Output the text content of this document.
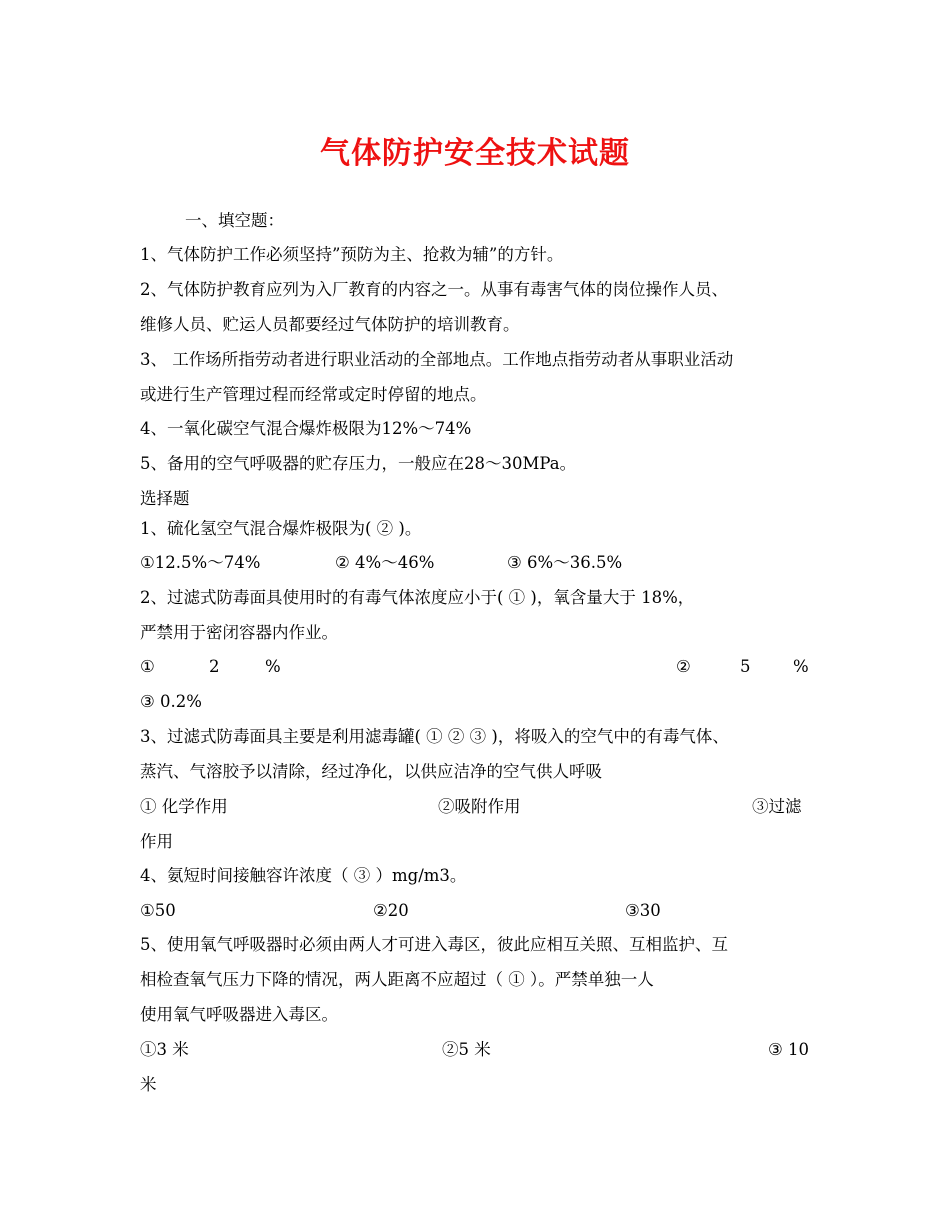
气体防护安全技术试题
一、填空题：
1、气体防护工作必须坚持”预防为主、抢救为辅”的方针。
2、气体防护教育应列为入厂教育的内容之一。从事有毒害气体的岗位操作人员、
维修人员、贮运人员都要经过气体防护的培训教育。
3、 工作场所指劳动者进行职业活动的全部地点。工作地点指劳动者从事职业活动
或进行生产管理过程而经常或定时停留的地点。
4、一氧化碳空气混合爆炸极限为12%～74%
5、备用的空气呼吸器的贮存压力，一般应在28～30MPa。
选择题
1、硫化氢空气混合爆炸极限为( ② )。
①12.5%～74%	② 4%～46%	③ 6%～36.5%
2、过滤式防毒面具使用时的有毒气体浓度应小于( ① )，氧含量大于 18%，
严禁用于密闭容器内作业。
①	2	%	②	5	%
③ 0.2%
3、过滤式防毒面具主要是利用滤毒罐( ① ② ③ )，将吸入的空气中的有毒气体、
蒸汽、气溶胶予以清除，经过净化，以供应洁净的空气供人呼吸
① 化学作用	②吸附作用	③过滤
作用
4、氨短时间接触容许浓度（ ③ ）mg/m3。
①50	②20	③30
5、使用氧气呼吸器时必须由两人才可进入毒区，彼此应相互关照、互相监护、互
相检查氧气压力下降的情况，两人距离不应超过（ ① ）。严禁单独一人
使用氧气呼吸器进入毒区。
①3 米	②5 米	③ 10
米
